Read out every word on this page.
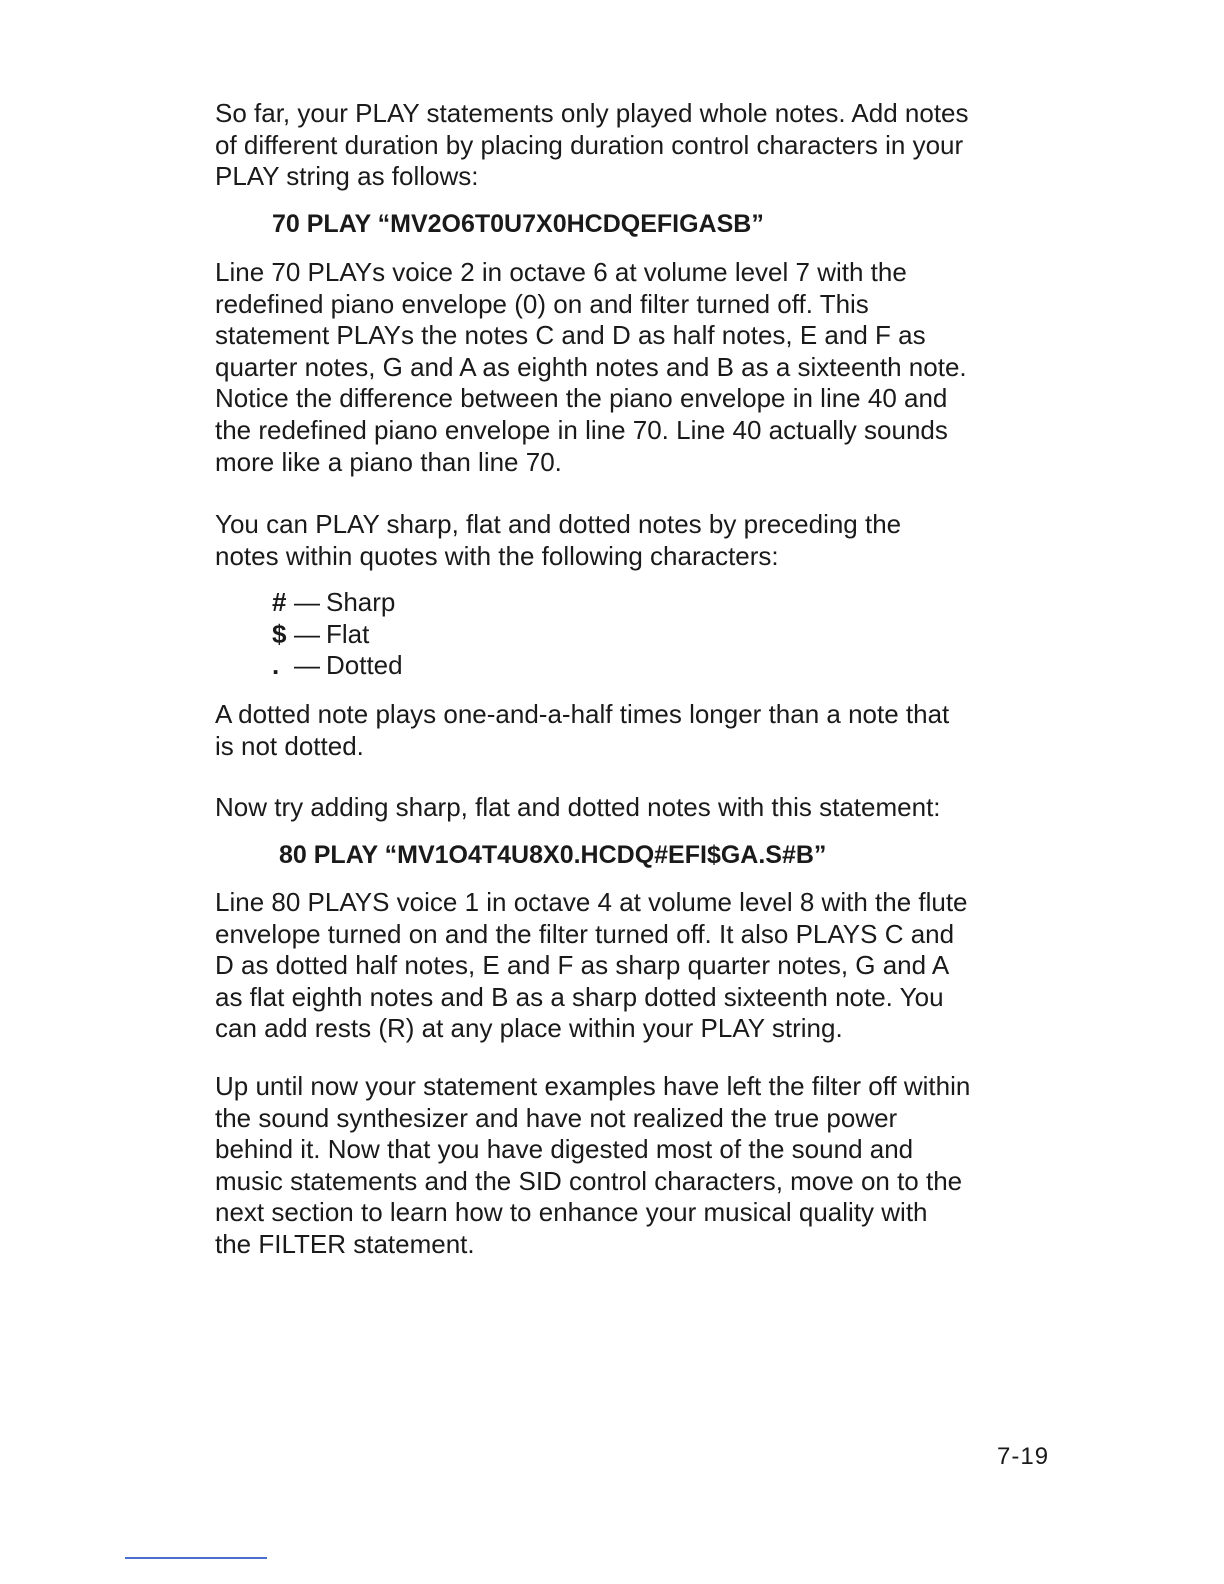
So far, your PLAY statements only played whole notes. Add notes
of different duration by placing duration control characters in your
PLAY string as follows:

70 PLAY “MV2O6T0U7X0HCDQEFIGASB”

Line 70 PLAYs voice 2 in octave 6 at volume level 7 with the
redefined piano envelope (0) on and filter turned off. This
statement PLAYs the notes C and D as half notes, E and F as
quarter notes, G and A as eighth notes and B as a sixteenth note.
Notice the difference between the piano envelope in line 40 and
the redefined piano envelope in line 70. Line 40 actually sounds
more like a piano than line 70.

You can PLAY sharp, flat and dotted notes by preceding the
notes within quotes with the following characters:

# — Sharp
$ — Flat
. — Dotted

A dotted note plays one-and-a-half times longer than a note that
is not dotted.

Now try adding sharp, flat and dotted notes with this statement:

80 PLAY “MV1O4T4U8X0.HCDQ#EFI$GA.S#B”

Line 80 PLAYS voice 1 in octave 4 at volume level 8 with the flute
envelope turned on and the filter turned off. It also PLAYS C and
D as dotted half notes, E and F as sharp quarter notes, G and A
as flat eighth notes and B as a sharp dotted sixteenth note. You
can add rests (R) at any place within your PLAY string.

Up until now your statement examples have left the filter off within
the sound synthesizer and have not realized the true power
behind it. Now that you have digested most of the sound and
music statements and the SID control characters, move on to the
next section to learn how to enhance your musical quality with
the FILTER statement.

7-19
